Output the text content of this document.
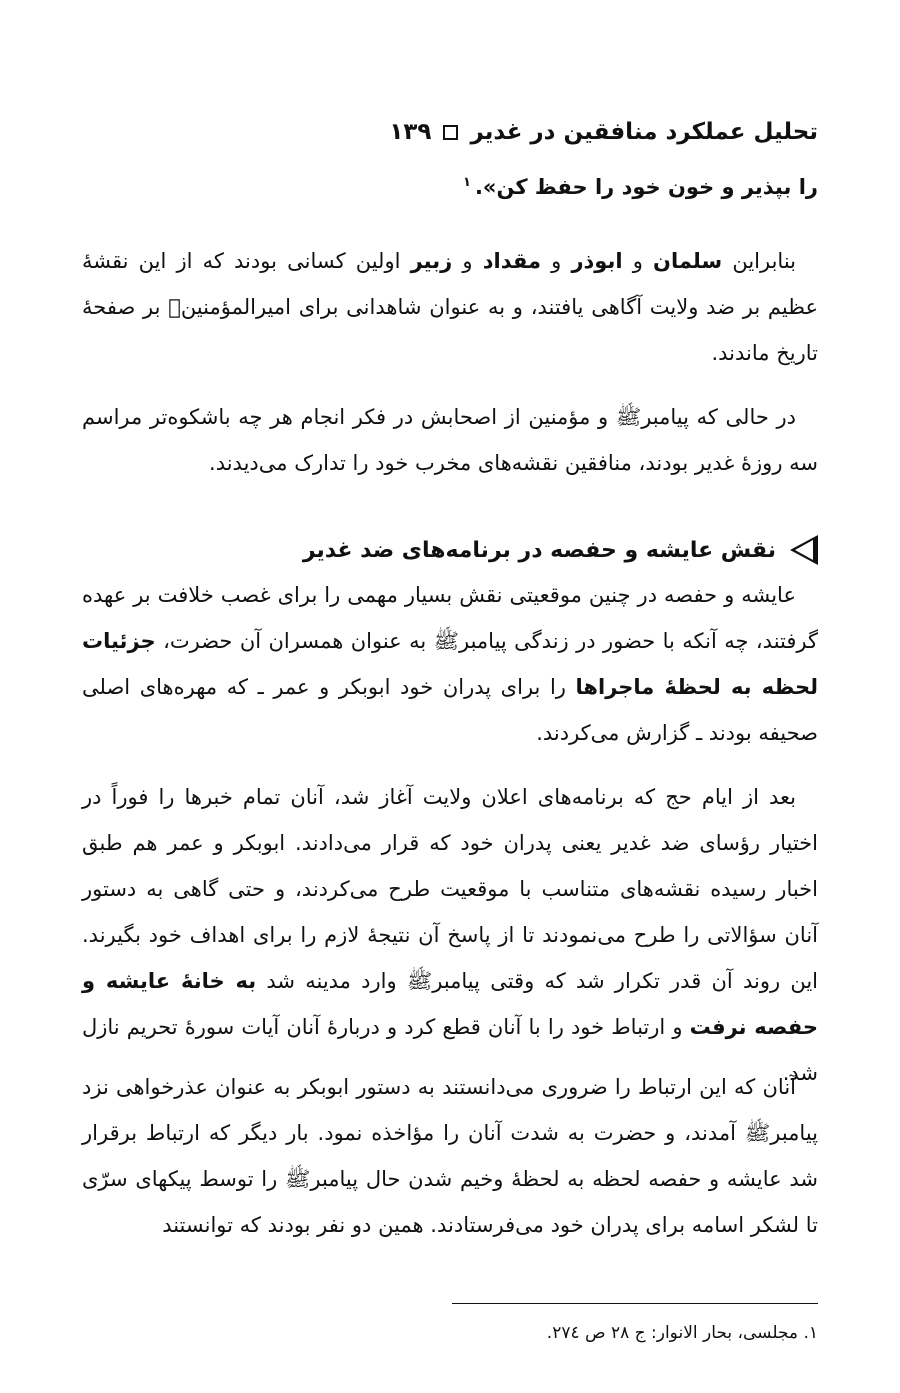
تحلیل عملکرد منافقین در غدیر
١٣٩

را بپذیر و خون خود را حفظ کن».$^١$

بنابراین سلمان و ابوذر و مقداد و زبیر اولین کسانی بودند که از این نقشهٔ عظیم بر ضد ولایت آگاهی یافتند، و به عنوان شاهدانی برای امیرالمؤمنین﷣ بر صفحهٔ تاریخ ماندند.

در حالی که پیامبرﷺ و مؤمنین از اصحابش در فکر انجام هر چه باشکوه‌تر مراسم سه روزهٔ غدیر بودند، منافقین نقشه‌های مخرب خود را تدارک می‌دیدند.

نقش عایشه و حفصه در برنامه‌های ضد غدیر

عایشه و حفصه در چنین موقعیتی نقش بسیار مهمی را برای غصب خلافت بر عهده گرفتند، چه آنکه با حضور در زندگی پیامبرﷺ به عنوان همسران آن حضرت، جزئیات لحظه به لحظهٔ ماجراها را برای پدران خود ابوبکر و عمر ـ که مهره‌های اصلی صحیفه بودند ـ گزارش می‌کردند.

بعد از ایام حج که برنامه‌های اعلان ولایت آغاز شد، آنان تمام خبرها را فوراً در اختیار رؤسای ضد غدیر یعنی پدران خود که قرار می‌دادند. ابوبکر و عمر هم طبق اخبار رسیده نقشه‌های متناسب با موقعیت طرح می‌کردند، و حتی گاهی به دستور آنان سؤالاتی را طرح می‌نمودند تا از پاسخ آن نتیجهٔ لازم را برای اهداف خود بگیرند. این روند آن قدر تکرار شد که وقتی پیامبرﷺ وارد مدینه شد به خانهٔ عایشه و حفصه نرفت و ارتباط خود را با آنان قطع کرد و دربارهٔ آنان آیات سورهٔ تحریم نازل شد.

آنان که این ارتباط را ضروری می‌دانستند به دستور ابوبکر به عنوان عذرخواهی نزد پیامبرﷺ آمدند، و حضرت به شدت آنان را مؤاخذه نمود. بار دیگر که ارتباط برقرار شد عایشه و حفصه لحظه به لحظهٔ وخیم شدن حال پیامبرﷺ را توسط پیکهای سرّی تا لشکر اسامه برای پدران خود می‌فرستادند. همین دو نفر بودند که توانستند

١. مجلسی، بحار الانوار: ج ٢٨ ص ٢٧٤.
